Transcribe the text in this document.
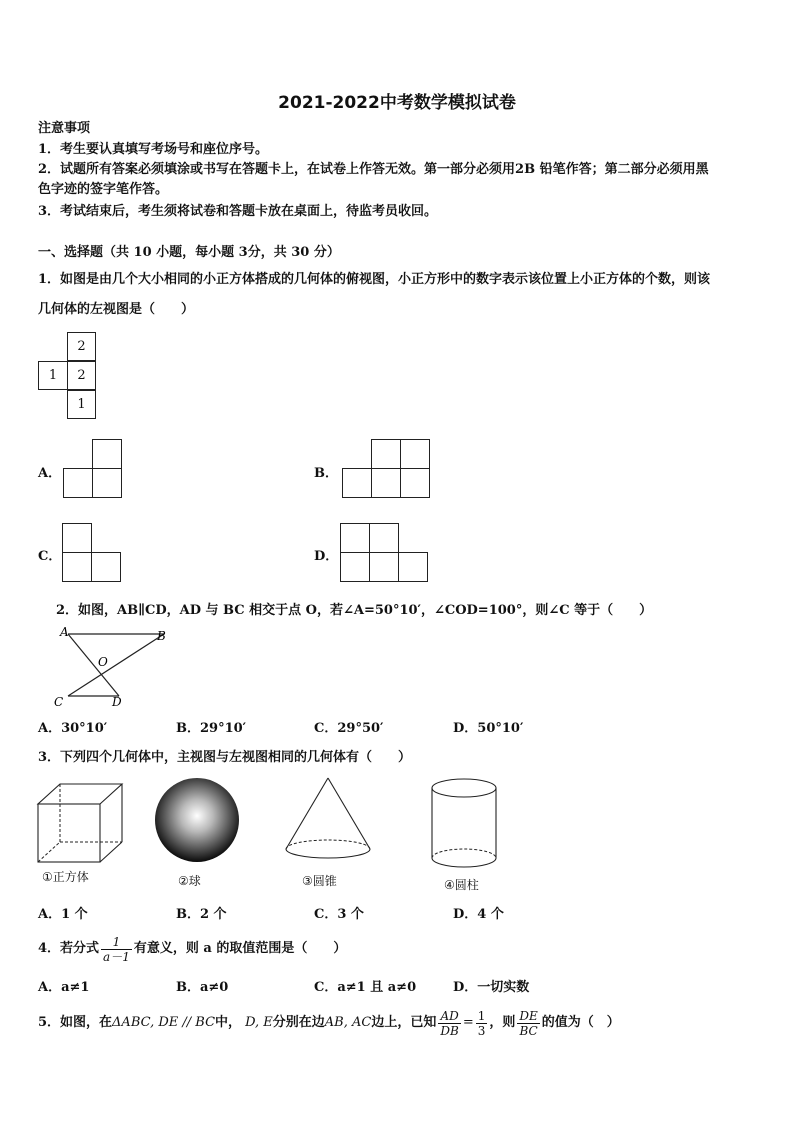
2021-2022中考数学模拟试卷
注意事项
1．考生要认真填写考场号和座位序号。
2．试题所有答案必须填涂或书写在答题卡上，在试卷上作答无效。第一部分必须用2B 铅笔作答；第二部分必须用黑
色字迹的签字笔作答。
3．考试结束后，考生须将试卷和答题卡放在桌面上，待监考员收回。
一、选择题（共 10 小题，每小题 3分，共 30 分）
1．如图是由几个大小相同的小正方体搭成的几何体的俯视图，小正方形中的数字表示该位置上小正方体的个数，则该
几何体的左视图是（　　）
2
1	2
1
A．	B．
C．	D．
2．如图，AB∥CD，AD 与 BC 相交于点 O，若∠A=50°10′，∠COD=100°，则∠C 等于（　　）
A	B
O
C	D
A．30°10′	B．29°10′	C．29°50′	D．50°10′
3．下列四个几何体中，主视图与左视图相同的几何体有（　　）
①正方体	②球	③圆锥	④圆柱
A．1 个	B．2 个	C．3 个	D．4 个
4．若分式 $\frac{1}{a-1}$ 有意义，则 a 的取值范围是（　　）
A．a≠1	B．a≠0	C．a≠1 且 a≠0	D．一切实数
5．如图，在 ΔABC, DE // BC 中， D, E 分别在边 AB, AC 边上，已知 $\frac{AD}{DB} = \frac{1}{3}$ ，则 $\frac{DE}{BC}$ 的值为（　）
